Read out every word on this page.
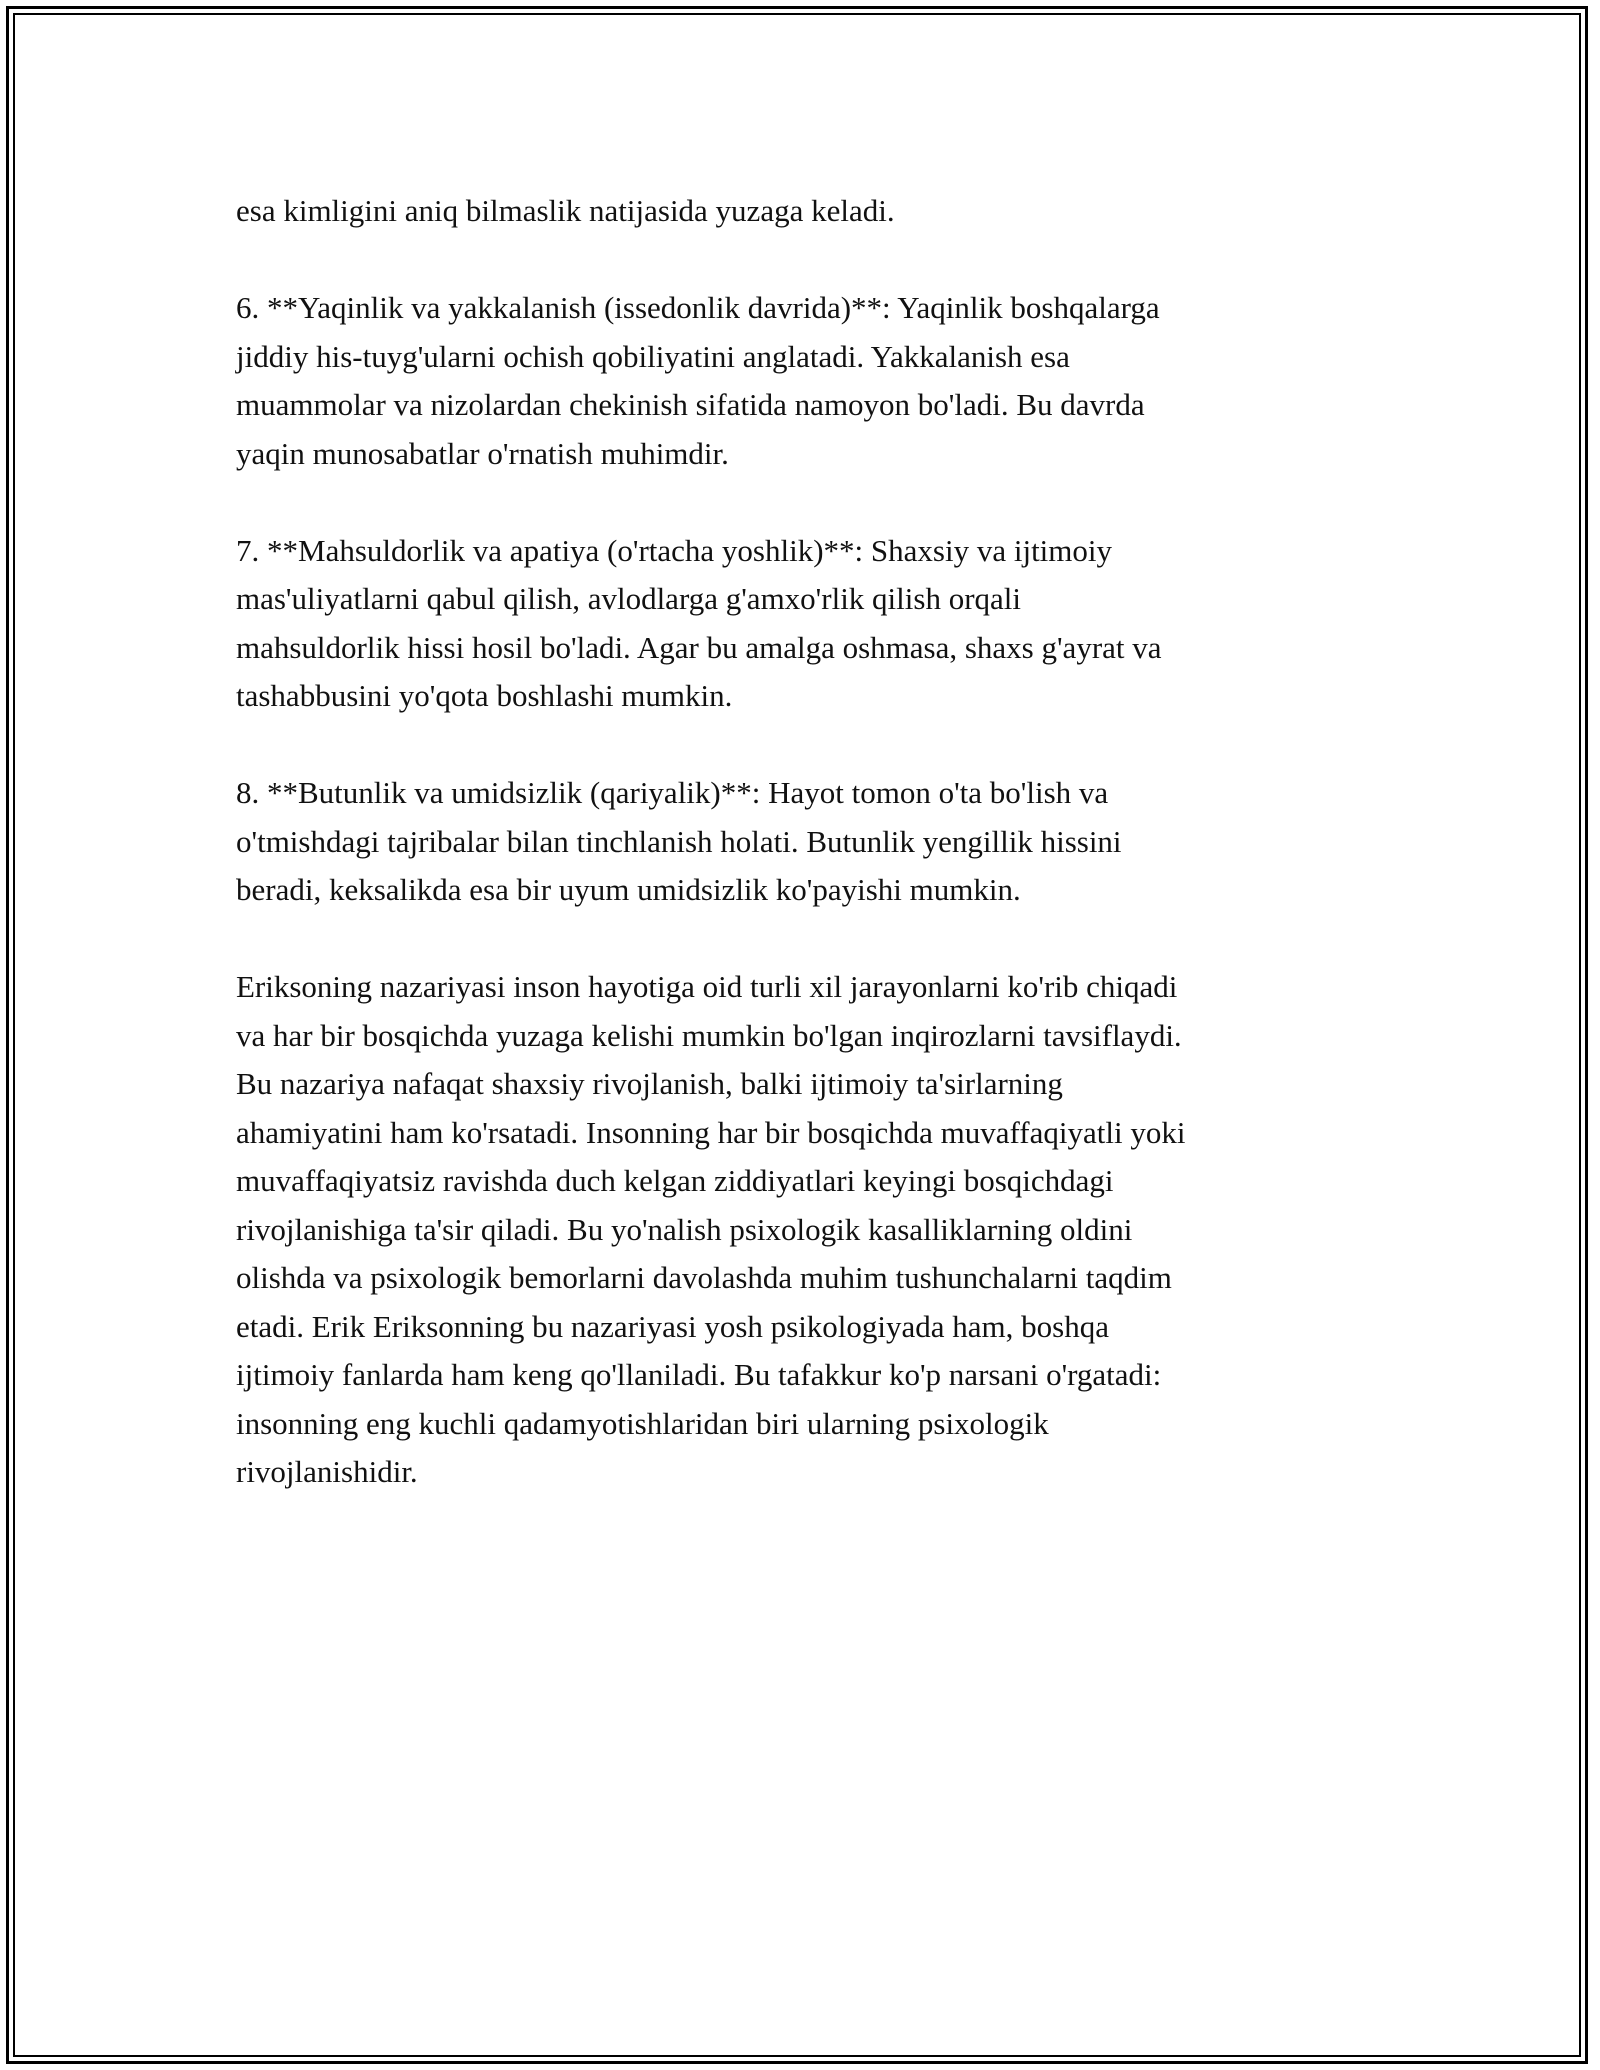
esa kimligini aniq bilmaslik natijasida yuzaga keladi.

6. **Yaqinlik va yakkalanish (issedonlik davrida)**: Yaqinlik boshqalarga
jiddiy his-tuyg'ularni ochish qobiliyatini anglatadi. Yakkalanish esa
muammolar va nizolardan chekinish sifatida namoyon bo'ladi. Bu davrda
yaqin munosabatlar o'rnatish muhimdir.

7. **Mahsuldorlik va apatiya (o'rtacha yoshlik)**: Shaxsiy va ijtimoiy
mas'uliyatlarni qabul qilish, avlodlarga g'amxo'rlik qilish orqali
mahsuldorlik hissi hosil bo'ladi. Agar bu amalga oshmasa, shaxs g'ayrat va
tashabbusini yo'qota boshlashi mumkin.

8. **Butunlik va umidsizlik (qariyalik)**: Hayot tomon o'ta bo'lish va
o'tmishdagi tajribalar bilan tinchlanish holati. Butunlik yengillik hissini
beradi, keksalikda esa bir uyum umidsizlik ko'payishi mumkin.

Eriksoning nazariyasi inson hayotiga oid turli xil jarayonlarni ko'rib chiqadi
va har bir bosqichda yuzaga kelishi mumkin bo'lgan inqirozlarni tavsiflaydi.
Bu nazariya nafaqat shaxsiy rivojlanish, balki ijtimoiy ta'sirlarning
ahamiyatini ham ko'rsatadi. Insonning har bir bosqichda muvaffaqiyatli yoki
muvaffaqiyatsiz ravishda duch kelgan ziddiyatlari keyingi bosqichdagi
rivojlanishiga ta'sir qiladi. Bu yo'nalish psixologik kasalliklarning oldini
olishda va psixologik bemorlarni davolashda muhim tushunchalarni taqdim
etadi. Erik Eriksonning bu nazariyasi yosh psikologiyada ham, boshqa
ijtimoiy fanlarda ham keng qo'llaniladi. Bu tafakkur ko'p narsani o'rgatadi:
insonning eng kuchli qadamyotishlaridan biri ularning psixologik
rivojlanishidir.
